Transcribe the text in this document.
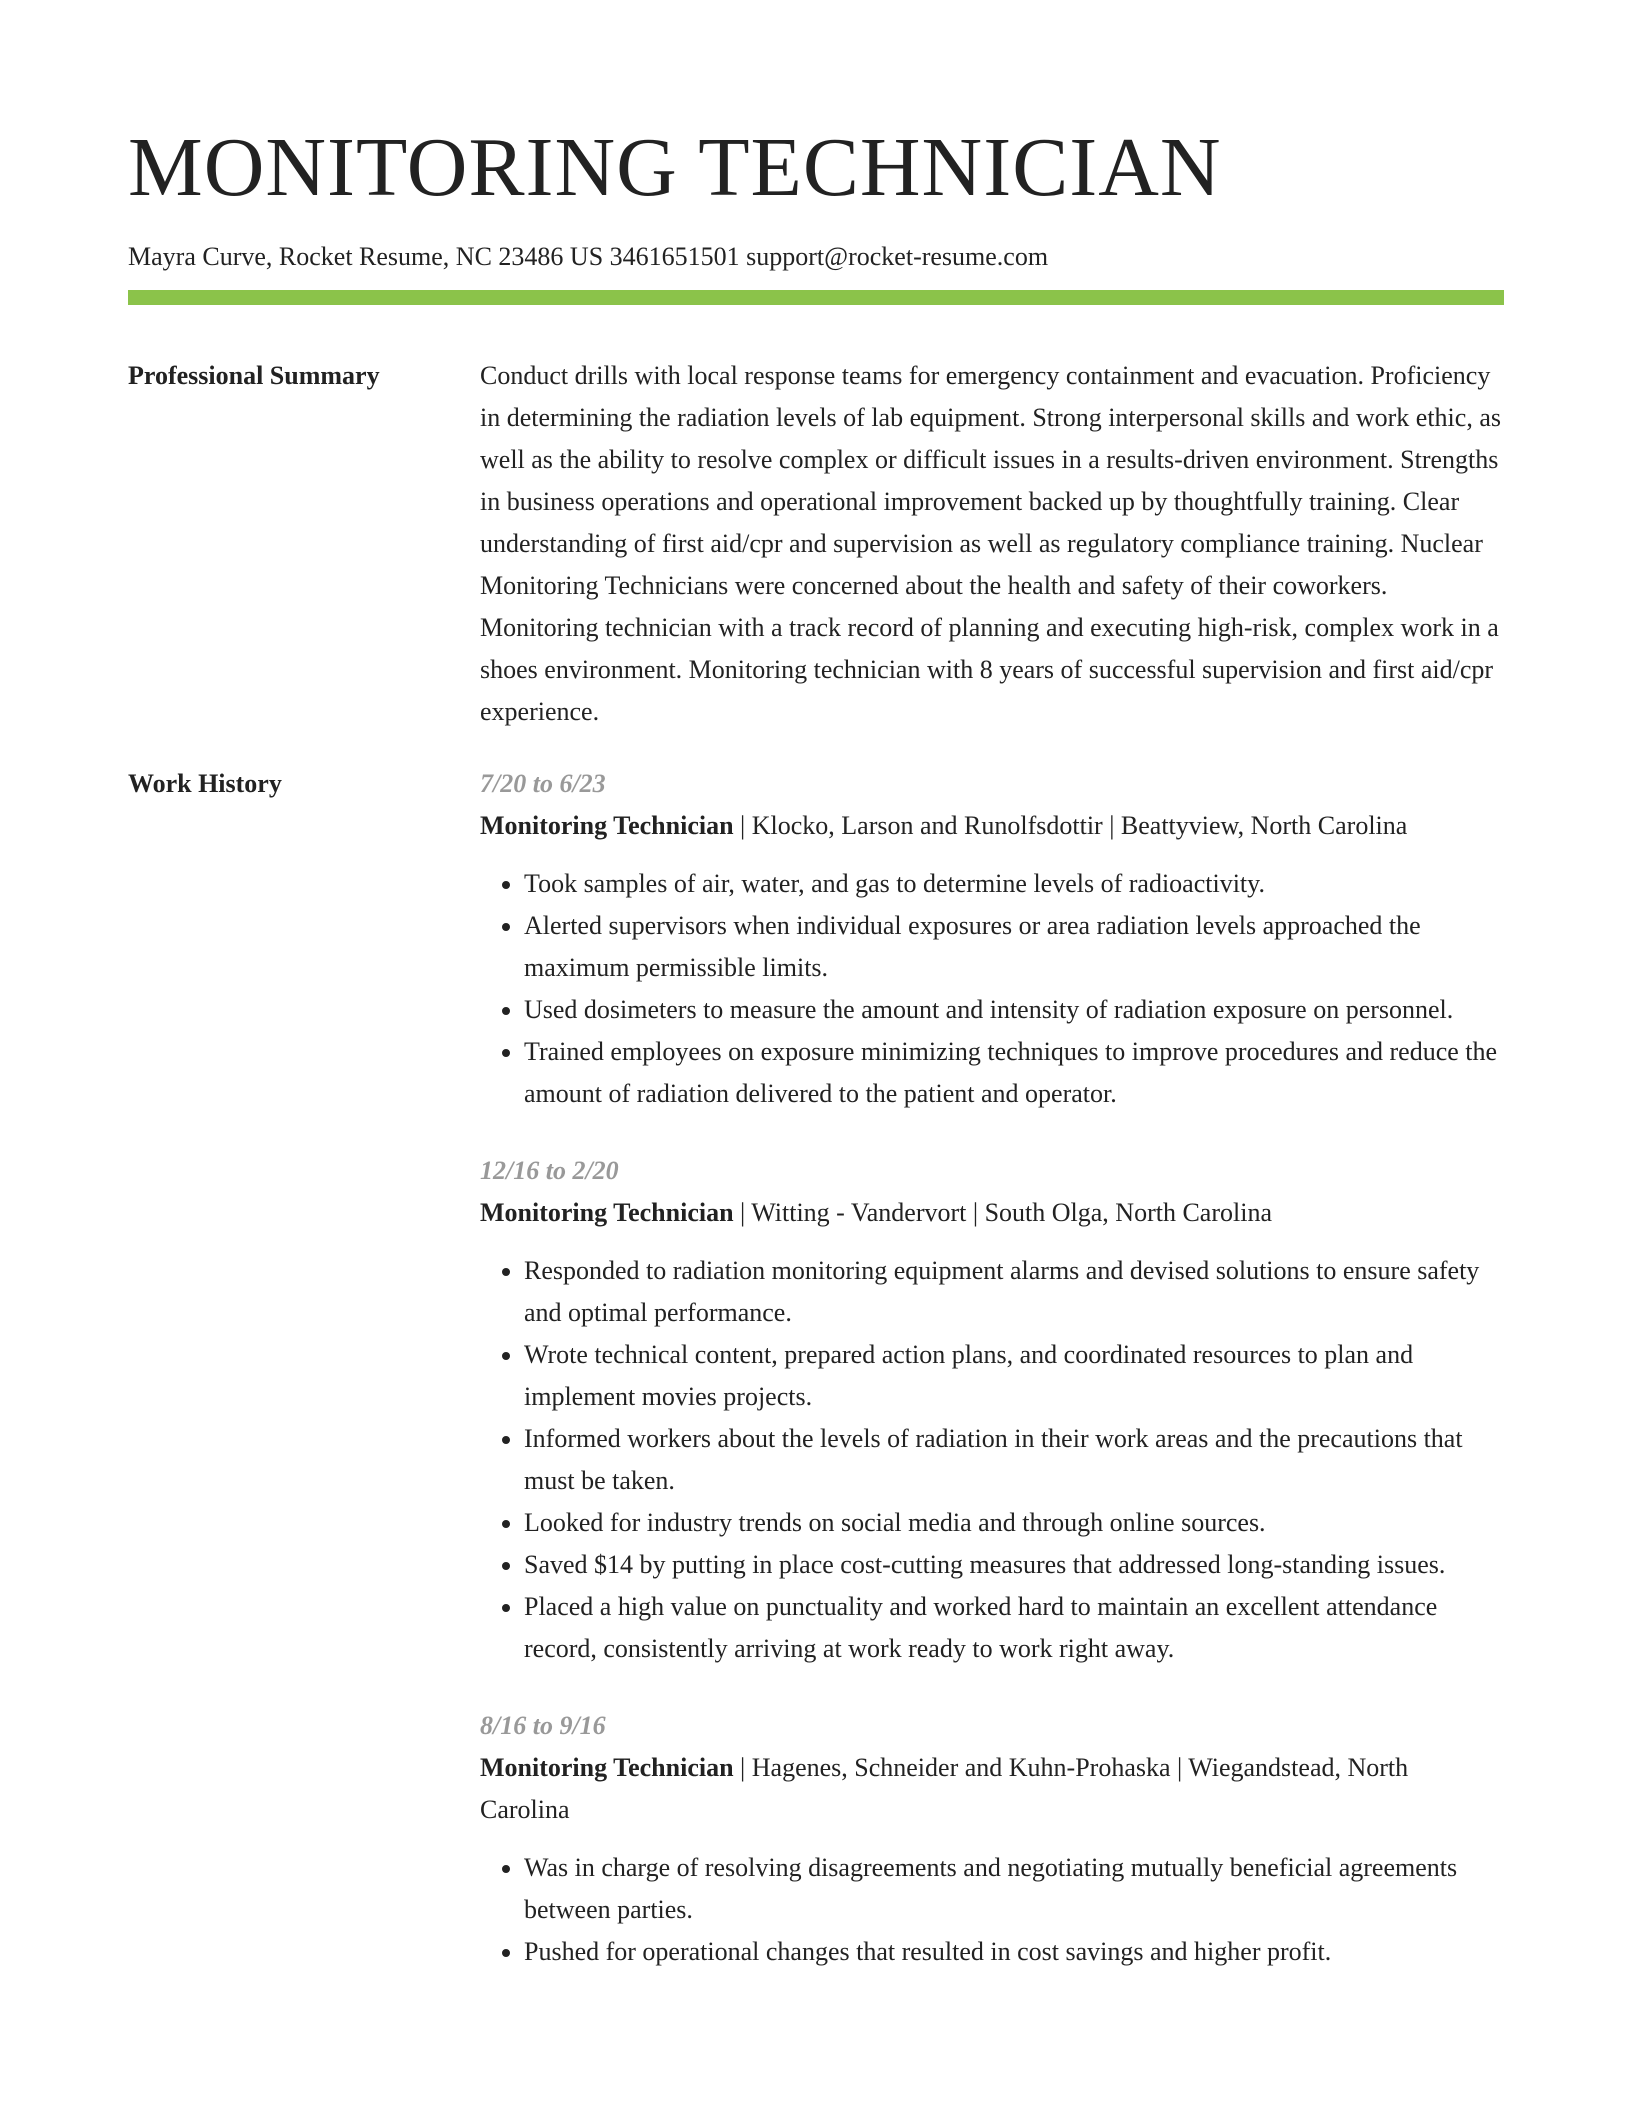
MONITORING TECHNICIAN
Mayra Curve, Rocket Resume, NC 23486 US 3461651501 support@rocket-resume.com
Professional Summary	Conduct drills with local response teams for emergency containment and evacuation. Proficiency in determining the radiation levels of lab equipment. Strong interpersonal skills and work ethic, as well as the ability to resolve complex or difficult issues in a results-driven environment. Strengths in business operations and operational improvement backed up by thoughtfully training. Clear understanding of first aid/cpr and supervision as well as regulatory compliance training. Nuclear Monitoring Technicians were concerned about the health and safety of their coworkers. Monitoring technician with a track record of planning and executing high-risk, complex work in a shoes environment. Monitoring technician with 8 years of successful supervision and first aid/cpr experience.

Work History	7/20 to 6/23
Monitoring Technician | Klocko, Larson and Runolfsdottir | Beattyview, North Carolina
• Took samples of air, water, and gas to determine levels of radioactivity.
• Alerted supervisors when individual exposures or area radiation levels approached the maximum permissible limits.
• Used dosimeters to measure the amount and intensity of radiation exposure on personnel.
• Trained employees on exposure minimizing techniques to improve procedures and reduce the amount of radiation delivered to the patient and operator.
12/16 to 2/20
Monitoring Technician | Witting - Vandervort | South Olga, North Carolina
• Responded to radiation monitoring equipment alarms and devised solutions to ensure safety and optimal performance.
• Wrote technical content, prepared action plans, and coordinated resources to plan and implement movies projects.
• Informed workers about the levels of radiation in their work areas and the precautions that must be taken.
• Looked for industry trends on social media and through online sources.
• Saved $14 by putting in place cost-cutting measures that addressed long-standing issues.
• Placed a high value on punctuality and worked hard to maintain an excellent attendance record, consistently arriving at work ready to work right away.
8/16 to 9/16
Monitoring Technician | Hagenes, Schneider and Kuhn-Prohaska | Wiegandstead, North Carolina
• Was in charge of resolving disagreements and negotiating mutually beneficial agreements between parties.
• Pushed for operational changes that resulted in cost savings and higher profit.
